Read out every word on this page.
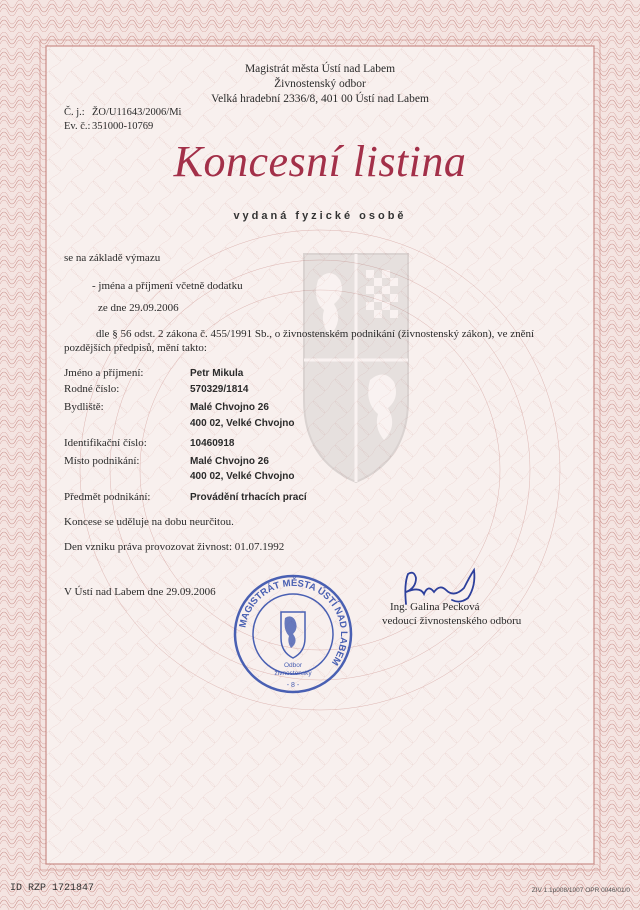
Magistrát města Ústí nad Labem
Živnostenský odbor
Velká hradební 2336/8, 401 00 Ústí nad Labem
Č. j.: ŽO/U11643/2006/Mi
Ev. č.: 351000-10769
Koncesní listina
vydaná fyzické osobě
se na základě výmazu
- jména a příjmení včetně dodatku
ze dne 29.09.2006
dle § 56 odst. 2 zákona č. 455/1991 Sb., o živnostenském podnikání (živnostenský zákon), ve znění
pozdějších předpisů, mění takto:
Jméno a příjmení:	Petr Mikula
Rodné číslo:	570329/1814
Bydliště:	Malé Chvojno 26
400 02, Velké Chvojno
Identifikační číslo:	10460918
Místo podnikání:	Malé Chvojno 26
400 02, Velké Chvojno
Předmět podnikání:	Provádění trhacích prací
Koncese se uděluje na dobu neurčitou.
Den vzniku práva provozovat živnost: 01.07.1992
V Ústí nad Labem dne 29.09.2006
Ing. Galina Pecková
vedoucí živnostenského odboru
MAGISTRÁT MĚSTA ÚSTÍ NAD LABEM
Odbor
živnostenský
- 8 -
ID RZP 1721847	ZIV 1.1p008/1007 OPR 0046/01/0
